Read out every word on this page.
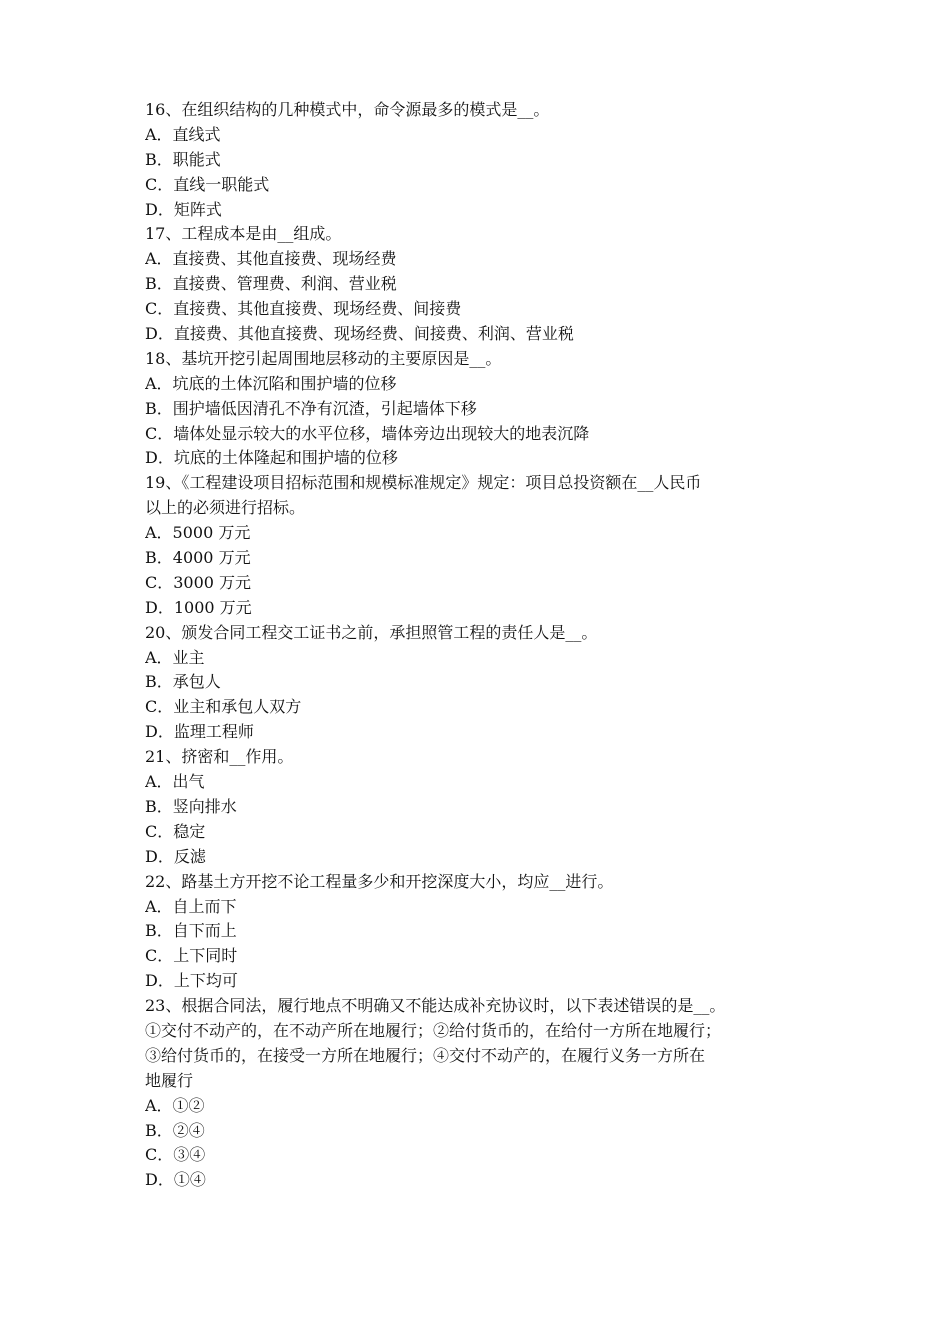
16、在组织结构的几种模式中，命令源最多的模式是__。
A．直线式
B．职能式
C．直线一职能式
D．矩阵式
17、工程成本是由__组成。
A．直接费、其他直接费、现场经费
B．直接费、管理费、利润、营业税
C．直接费、其他直接费、现场经费、间接费
D．直接费、其他直接费、现场经费、间接费、利润、营业税
18、基坑开挖引起周围地层移动的主要原因是__。
A．坑底的土体沉陷和围护墙的位移
B．围护墙低因清孔不净有沉渣，引起墙体下移
C．墙体处显示较大的水平位移，墙体旁边出现较大的地表沉降
D．坑底的土体隆起和围护墙的位移
19、《工程建设项目招标范围和规模标准规定》规定：项目总投资额在__人民币
以上的必须进行招标。
A．5000 万元
B．4000 万元
C．3000 万元
D．1000 万元
20、颁发合同工程交工证书之前，承担照管工程的责任人是__。
A．业主
B．承包人
C．业主和承包人双方
D．监理工程师
21、挤密和__作用。
A．出气
B．竖向排水
C．稳定
D．反滤
22、路基土方开挖不论工程量多少和开挖深度大小，均应__进行。
A．自上而下
B．自下而上
C．上下同时
D．上下均可
23、根据合同法，履行地点不明确又不能达成补充协议时，以下表述错误的是__。
①交付不动产的，在不动产所在地履行；②给付货币的，在给付一方所在地履行；
③给付货币的，在接受一方所在地履行；④交付不动产的，在履行义务一方所在
地履行
A．①②
B．②④
C．③④
D．①④
